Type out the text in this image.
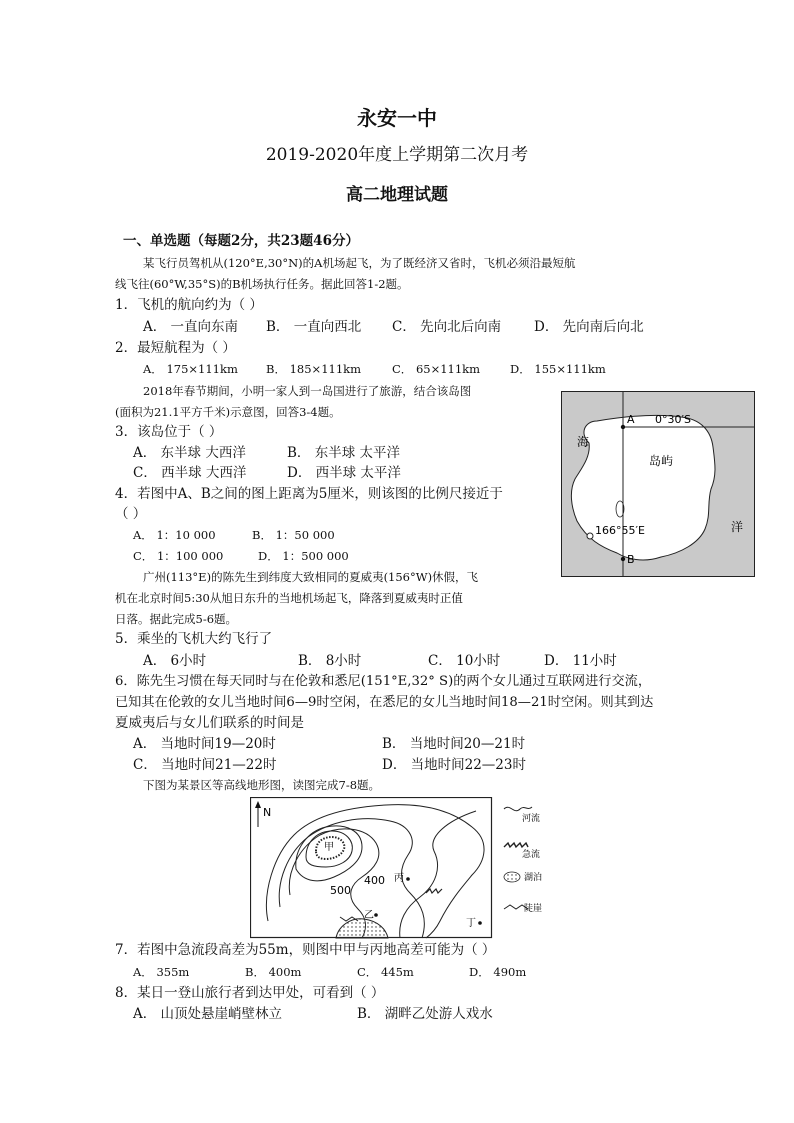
永安一中
2019-2020年度上学期第二次月考
高二地理试题
一、单选题（每题2分，共23题46分）
某飞行员驾机从(120°E,30°N)的A机场起飞，为了既经济又省时，飞机必须沿最短航
线飞往(60°W,35°S)的B机场执行任务。据此回答1-2题。
1．飞机的航向约为（ ）
A． 一直向东南 B． 一直向西北 C． 先向北后向南 D． 先向南后向北
2．最短航程为（ ）
A． 175×111km B． 185×111km	C． 65×111km	D． 155×111km
2018年春节期间，小明一家人到一岛国进行了旅游，结合该岛图
(面积为21.1平方千米)示意图，回答3-4题。
3．该岛位于（ ）
A． 东半球 大西洋	B． 东半球 太平洋
C． 西半球 大西洋	D． 西半球 太平洋
4．若图中A、B之间的图上距离为5厘米，则该图的比例尺接近于
（ ）
A． 1：10 000	B． 1：50 000
C． 1：100 000	D． 1：500 000
广州(113°E)的陈先生到纬度大致相同的夏威夷(156°W)休假，飞
机在北京时间5:30从旭日东升的当地机场起飞，降落到夏威夷时正值
日落。据此完成5-6题。
5．乘坐的飞机大约飞行了
A． 6小时	B． 8小时	C． 10小时	D． 11小时
6．陈先生习惯在每天同时与在伦敦和悉尼(151°E,32° S)的两个女儿通过互联网进行交流，
已知其在伦敦的女儿当地时间6—9时空闲，在悉尼的女儿当地时间18—21时空闲。则其到达
夏威夷后与女儿们联系的时间是
A． 当地时间19—20时	B． 当地时间20—21时
C． 当地时间21—22时	D． 当地时间22—23时
下图为某景区等高线地形图，读图完成7-8题。
7．若图中急流段高差为55m，则图中甲与丙地高差可能为（ ）
A． 355m	B． 400m	C． 445m	D． 490m
8．某日一登山旅行者到达甲处，可看到（ ）
A． 山顶处悬崖峭壁林立	B． 湖畔乙处游人戏水
A
B
0°30′S
166°55′E
海
洋
岛屿
N
甲
500
400 丙
乙
丁
河流
急流
湖泊
陡崖
